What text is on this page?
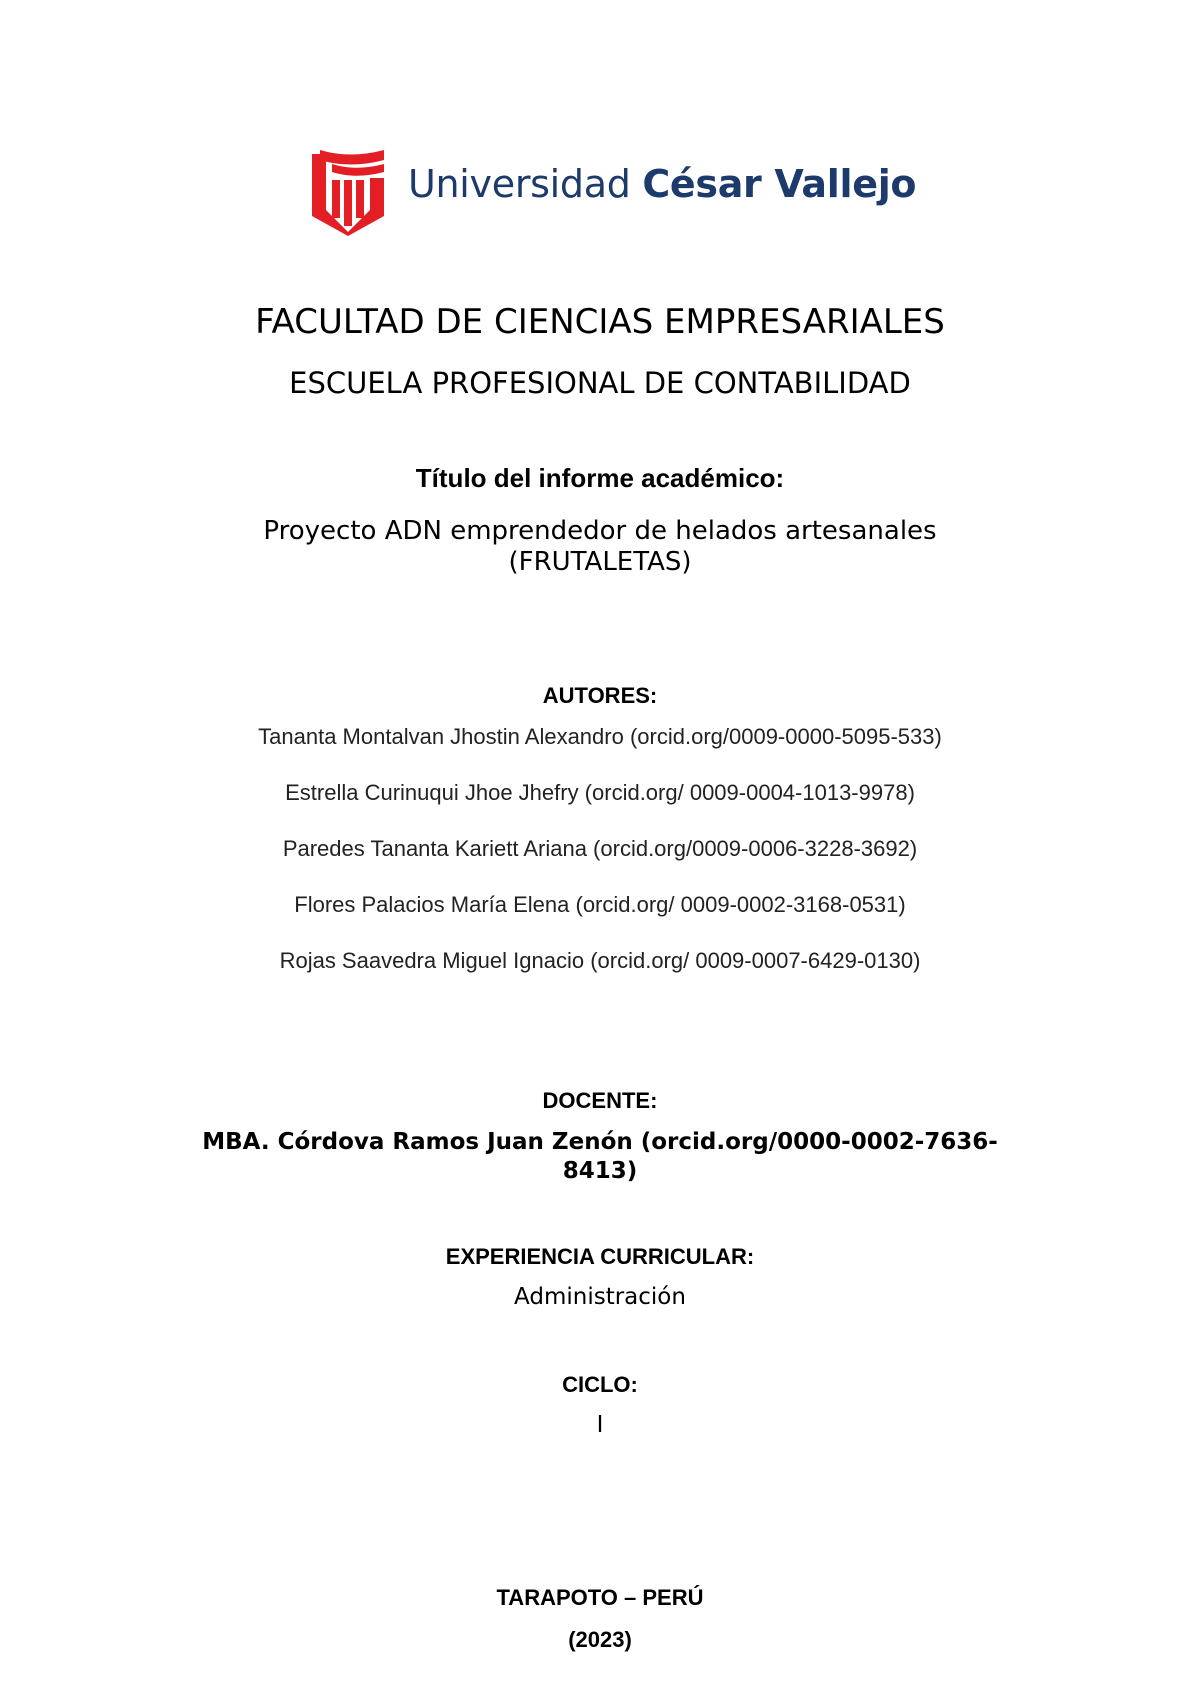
Universidad César Vallejo
FACULTAD DE CIENCIAS EMPRESARIALES
ESCUELA PROFESIONAL DE CONTABILIDAD
Título del informe académico:
Proyecto ADN emprendedor de helados artesanales
(FRUTALETAS)
AUTORES:
Tananta Montalvan Jhostin Alexandro (orcid.org/0009-0000-5095-533)
Estrella Curinuqui Jhoe Jhefry (orcid.org/ 0009-0004-1013-9978)
Paredes Tananta Kariett Ariana (orcid.org/0009-0006-3228-3692)
Flores Palacios María Elena (orcid.org/ 0009-0002-3168-0531)
Rojas Saavedra Miguel Ignacio (orcid.org/ 0009-0007-6429-0130)
DOCENTE:
MBA. Córdova Ramos Juan Zenón (orcid.org/0000-0002-7636-
8413)
EXPERIENCIA CURRICULAR:
Administración
CICLO:
I
TARAPOTO – PERÚ
(2023)
